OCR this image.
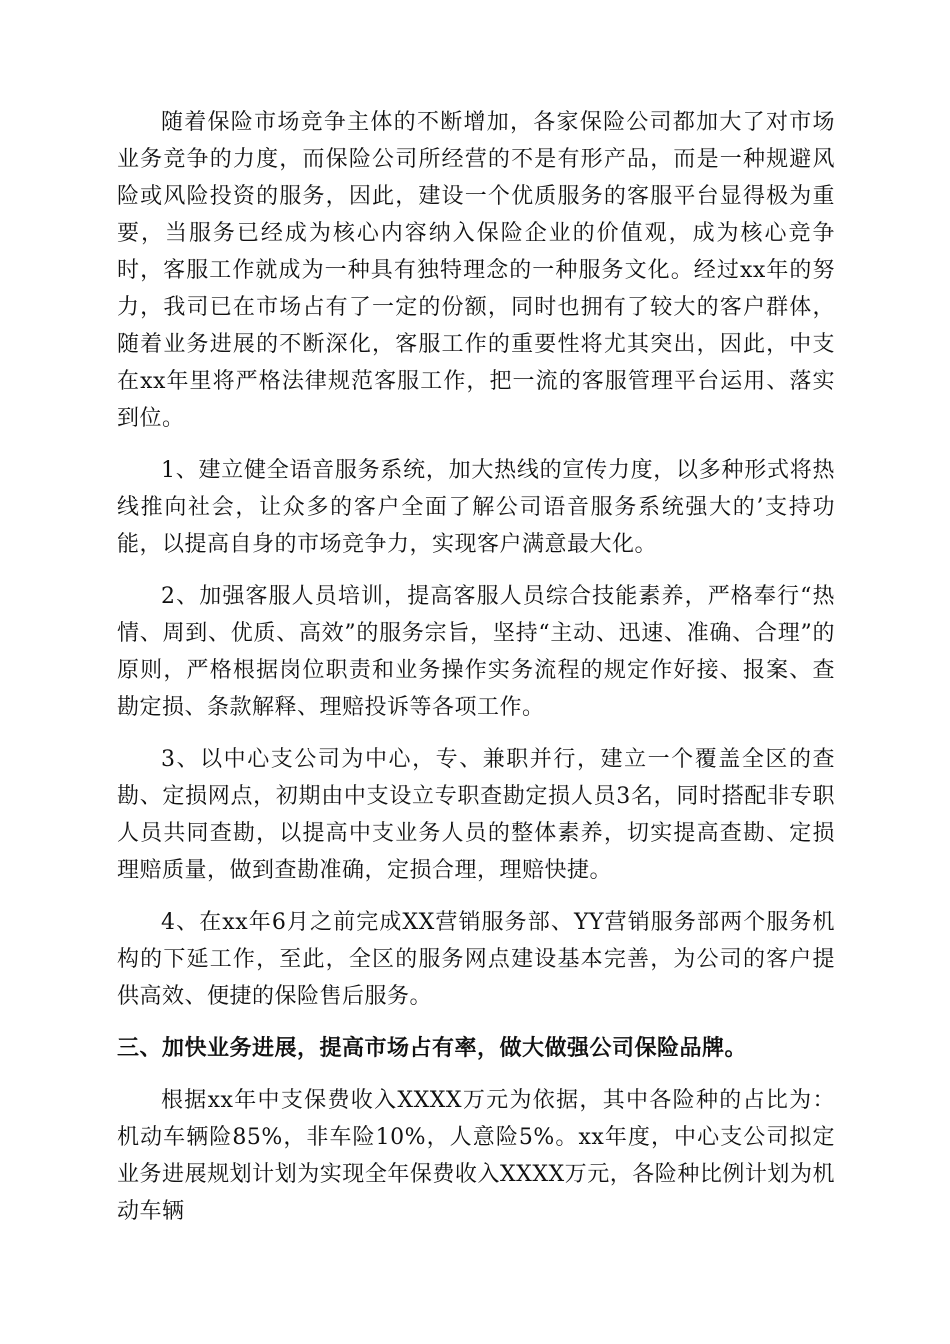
随着保险市场竞争主体的不断增加，各家保险公司都加大了对市场业务竞争的力度，而保险公司所经营的不是有形产品，而是一种规避风险或风险投资的服务，因此，建设一个优质服务的客服平台显得极为重要，当服务已经成为核心内容纳入保险企业的价值观，成为核心竞争时，客服工作就成为一种具有独特理念的一种服务文化。经过xx年的努力，我司已在市场占有了一定的份额，同时也拥有了较大的客户群体，随着业务进展的不断深化，客服工作的重要性将尤其突出，因此，中支在xx年里将严格法律规范客服工作，把一流的客服管理平台运用、落实到位。

1、建立健全语音服务系统，加大热线的宣传力度，以多种形式将热线推向社会，让众多的客户全面了解公司语音服务系统强大的’支持功能，以提高自身的市场竞争力，实现客户满意最大化。

2、加强客服人员培训，提高客服人员综合技能素养，严格奉行“热情、周到、优质、高效”的服务宗旨，坚持“主动、迅速、准确、合理”的原则，严格根据岗位职责和业务操作实务流程的规定作好接、报案、查勘定损、条款解释、理赔投诉等各项工作。

3、以中心支公司为中心，专、兼职并行，建立一个覆盖全区的查勘、定损网点，初期由中支设立专职查勘定损人员3名，同时搭配非专职人员共同查勘，以提高中支业务人员的整体素养，切实提高查勘、定损理赔质量，做到查勘准确，定损合理，理赔快捷。

4、在xx年6月之前完成XX营销服务部、YY营销服务部两个服务机构的下延工作，至此，全区的服务网点建设基本完善，为公司的客户提供高效、便捷的保险售后服务。

三、加快业务进展，提高市场占有率，做大做强公司保险品牌。

根据xx年中支保费收入XXXX万元为依据，其中各险种的占比为：机动车辆险85%，非车险10%，人意险5%。xx年度，中心支公司拟定业务进展规划计划为实现全年保费收入XXXX万元，各险种比例计划为机动车辆
